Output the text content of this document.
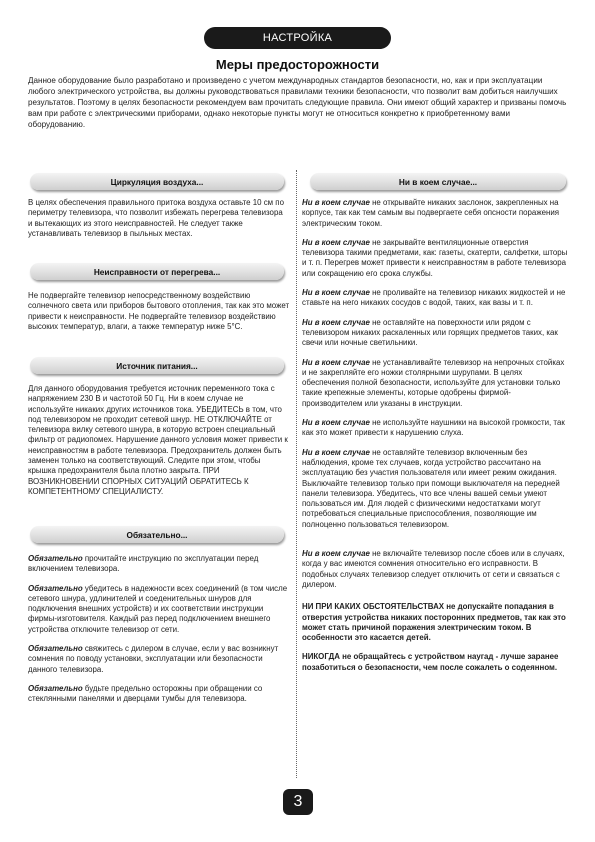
НАСТРОЙКА
Меры предосторожности
Данное оборудование было разработано и произведено с учетом международных стандартов безопасности, но, как и при эксплуатации любого электрического устройства, вы должны руководствоваться правилами техники безопасности, что позволит вам добиться наилучших результатов. Поэтому в целях безопасности рекомендуем вам прочитать следующие правила. Они имеют общий характер и призваны помочь вам при работе с электрическими приборами, однако некоторые пункты могут не относиться конкретно к приобретенному вами оборудованию.
Циркуляция воздуха...
В целях обеспечения правильного притока воздуха оставьте 10 см по периметру телевизора, что позволит избежать перегрева телевизора и вытекающих из этого неисправностей. Не следует также устанавливать телевизор в пыльных местах.
Неисправности от перегрева...
Не подвергайте телевизор непосредственному воздействию солнечного света или приборов бытового отопления, так как это может привести к неисправности. Не подвергайте телевизор воздействию высоких температур, влаги, а также температур ниже 5°С.
Источник питания...
Для данного оборудования требуется источник переменного тока с напряжением 230 В и частотой 50 Гц. Ни в коем случае не используйте никаких других источников тока. УБЕДИТЕСЬ в том, что под телевизором не проходит сетевой шнур. НЕ ОТКЛЮЧАЙТЕ от телевизора вилку сетевого шнура, в которую встроен специальный фильтр от радиопомех. Нарушение данного условия может привести к неисправностям в работе телевизора. Предохранитель должен быть заменен только на соответствующий. Следите при этом, чтобы крышка предохранителя была плотно закрыта. ПРИ ВОЗНИКНОВЕНИИ СПОРНЫХ СИТУАЦИЙ ОБРАТИТЕСЬ К КОМПЕТЕНТНОМУ СПЕЦИАЛИСТУ.
Обязательно...

Обязательно прочитайте инструкцию по эксплуатации перед включением телевизора.

Обязательно убедитесь в надежности всех соединений (в том числе сетевого шнура, удлинителей и соеденительных шнуров для подключения внешних устройств) и их соответствии инструкции фирмы-изготовителя. Каждый раз перед подключением внешнего устройства отключите телевизор от сети.

Обязательно свяжитесь с дилером в случае, если у вас возникнут сомнения по поводу установки, эксплуатации или безопасности данного телевизора.

Обязательно будьте предельно осторожны при обращении со стеклянными панелями и дверцами тумбы для телевизора.

Ни в коем случае...

Ни в коем случае не открывайте никаких заслонок, закрепленных на корпусе, так как тем самым вы подвергаете себя опсности поражения электрическим током.

Ни в коем случае не закрывайте вентиляционные отверстия телевизора такими предметами, как: газеты, скатерти, салфетки, шторы и т. п. Перегрев может привести к неисправностям в работе телевизора или сокращению его срока службы.

Ни в коем случае не проливайте на телевизор никаких жидкостей и не ставьте на него никаких сосудов с водой, таких, как вазы и т. п.

Ни в коем случае не оставляйте на поверхности или рядом с телевизором никаких раскаленных или горящих предметов таких, как свечи или ночные светильники.

Ни в коем случае не устанавливайте телевизор на непрочных стойках и не закрепляйте его ножки столярными шурупами. В целях обеспечения полной безопасности, используйте для установки только такие крепежные элементы, которые одобрены фирмой-производителем или указаны в инструкции.

Ни в коем случае не используйте наушники на высокой громкости, так как это может привести к нарушению слуха.

Ни в коем случае не оставляйте телевизор включенным без наблюдения, кроме тех случаев, когда устройство рассчитано на эксплуатацию без участия пользователя или имеет режим ожидания. Выключайте телевизор только при помощи выключателя на передней панели телевизора. Убедитесь, что все члены вашей семьи умеют пользоваться им. Для людей с физическими недостатками могут потребоваться специальные приспособления, позволяющие им полноценно пользоваться телевизором.

Ни в коем случае не включайте телевизор после сбоев или в случаях, когда у вас имеются сомнения относительно его исправности. В подобных случаях телевизор следует отключить от сети и связаться с дилером.

НИ ПРИ КАКИХ ОБСТОЯТЕЛЬСТВАХ не допускайте попадания в отверстия устройства никаких посторонних предметов, так как это может стать причиной поражения электрическим током. В особенности это касается детей.

НИКОГДА не обращайтесь с устройством наугад - лучше заранее позаботиться о безопасности, чем после сожалеть о содеянном.

3
